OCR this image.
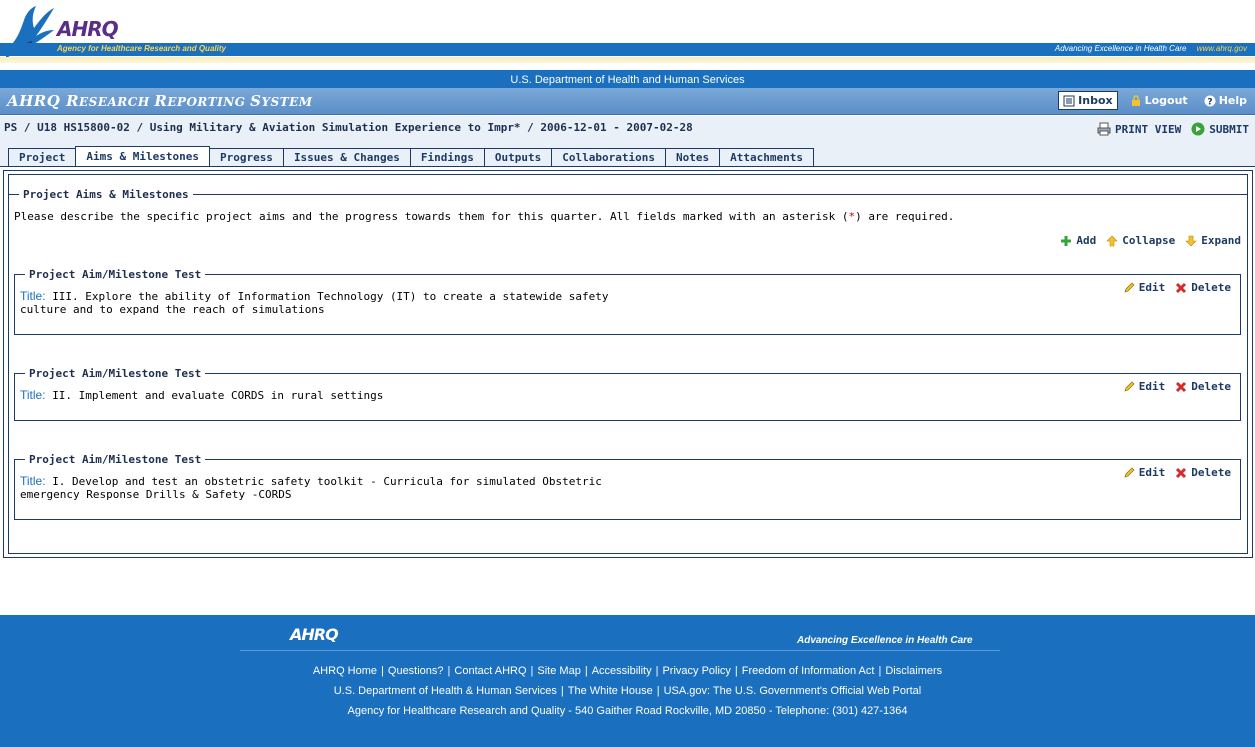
AHRQ
Agency for Healthcare Research and Quality	Advancing Excellence in Health Care www.ahrq.gov
U.S. Department of Health and Human Services
AHRQ RESEARCH REPORTING SYSTEM	Inbox	Logout ? Help
PS / U18 HS15800-02 / Using Military & Aviation Simulation Experience to Impr* / 2006-12-01 - 2007-02-28	PRINT VIEW	SUBMIT
Project	Aims & Milestones	Progress	Issues & Changes	Findings	Outputs	Collaborations	Notes	Attachments
Project Aims & Milestones
Please describe the specific project aims and the progress towards them for this quarter. All fields marked with an asterisk (*) are required.
Add Collapse Expand
Project Aim/Milestone Test
Title: III. Explore the ability of Information Technology (IT) to create a statewide safety culture and to expand the reach of simulations
Edit Delete
Project Aim/Milestone Test
Title: II. Implement and evaluate CORDS in rural settings
Edit Delete
Project Aim/Milestone Test
Title: I. Develop and test an obstetric safety toolkit - Curricula for simulated Obstetric emergency Response Drills & Safety -CORDS
Edit Delete
AHRQ	Advancing Excellence in Health Care
AHRQ Home | Questions? | Contact AHRQ | Site Map | Accessibility | Privacy Policy | Freedom of Information Act | Disclaimers
U.S. Department of Health & Human Services | The White House | USA.gov: The U.S. Government's Official Web Portal
Agency for Healthcare Research and Quality - 540 Gaither Road Rockville, MD 20850 - Telephone: (301) 427-1364
